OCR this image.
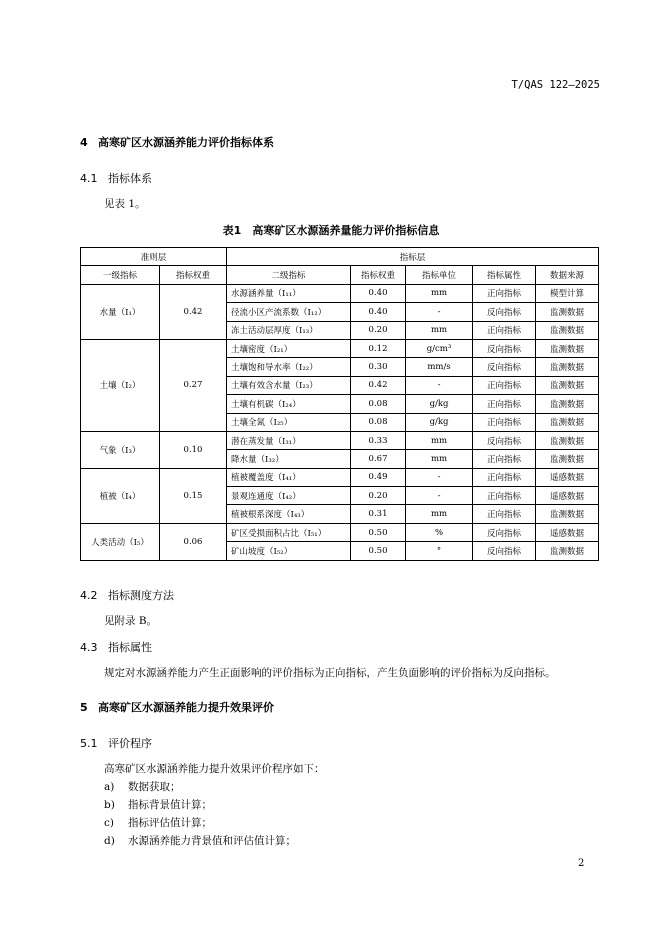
T/QAS 122—2025
4 高寒矿区水源涵养能力评价指标体系
4.1 指标体系
见表 1。
表1　高寒矿区水源涵养量能力评价指标信息
准则层		指标层				
一级指标	指标权重	二级指标	指标权重	指标单位	指标属性	数据来源
水量（I₁）	0.42	水源涵养量（I₁₁）	0.40	mm	正向指标	模型计算
		径流小区产流系数（I₁₂）	0.40	-	反向指标	监测数据
		冻土活动层厚度（I₁₃）	0.20	mm	正向指标	监测数据
土壤（I₂）	0.27	土壤密度（I₂₁）	0.12	g/cm³	反向指标	监测数据
		土壤饱和导水率（I₂₂）	0.30	mm/s	反向指标	监测数据
		土壤有效含水量（I₂₃）	0.42	-	正向指标	监测数据
		土壤有机碳（I₂₄）	0.08	g/kg	正向指标	监测数据
		土壤全氮（I₂₅）	0.08	g/kg	正向指标	监测数据
气象（I₃）	0.10	潜在蒸发量（I₃₁）	0.33	mm	反向指标	监测数据
		降水量（I₃₂）	0.67	mm	正向指标	监测数据
植被（I₄）	0.15	植被覆盖度（I₄₁）	0.49	-	正向指标	遥感数据
		景观连通度（I₄₂）	0.20	-	正向指标	遥感数据
		植被根系深度（I₄₃）	0.31	mm	正向指标	监测数据
人类活动（I₅）	0.06	矿区受损面积占比（I₅₁）	0.50	%	反向指标	遥感数据
		矿山坡度（I₅₂）	0.50	°	反向指标	监测数据
4.2 指标测度方法
见附录 B。
4.3 指标属性
规定对水源涵养能力产生正面影响的评价指标为正向指标，产生负面影响的评价指标为反向指标。
5 高寒矿区水源涵养能力提升效果评价
5.1 评价程序
高寒矿区水源涵养能力提升效果评价程序如下：
a) 数据获取；
b) 指标背景值计算；
c) 指标评估值计算；
d) 水源涵养能力背景值和评估值计算；
2
